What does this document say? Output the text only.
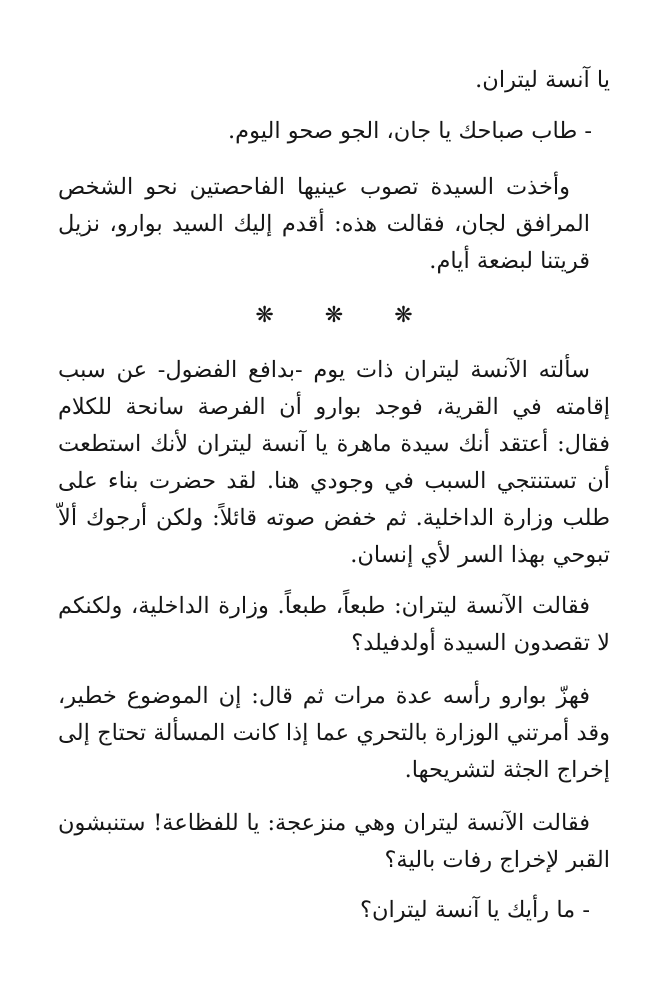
يا آنسة ليتران.

- طاب صباحك يا جان، الجو صحو اليوم.

وأخذت السيدة تصوب عينيها الفاحصتين نحو الشخص المرافق لجان، فقالت هذه: أقدم إليك السيد بوارو، نزيل قريتنا لبضعة أيام.

❋ ❋ ❋

سألته الآنسة ليتران ذات يوم -بدافع الفضول- عن سبب إقامته في القرية، فوجد بوارو أن الفرصة سانحة للكلام فقال: أعتقد أنك سيدة ماهرة يا آنسة ليتران لأنك استطعت أن تستنتجي السبب في وجودي هنا. لقد حضرت بناء على طلب وزارة الداخلية. ثم خفض صوته قائلاً: ولكن أرجوك ألاّ تبوحي بهذا السر لأي إنسان.

فقالت الآنسة ليتران: طبعاً، طبعاً. وزارة الداخلية، ولكنكم لا تقصدون السيدة أولدفيلد؟

فهزّ بوارو رأسه عدة مرات ثم قال: إن الموضوع خطير، وقد أمرتني الوزارة بالتحري عما إذا كانت المسألة تحتاج إلى إخراج الجثة لتشريحها.

فقالت الآنسة ليتران وهي منزعجة: يا للفظاعة! ستنبشون القبر لإخراج رفات بالية؟

- ما رأيك يا آنسة ليتران؟
